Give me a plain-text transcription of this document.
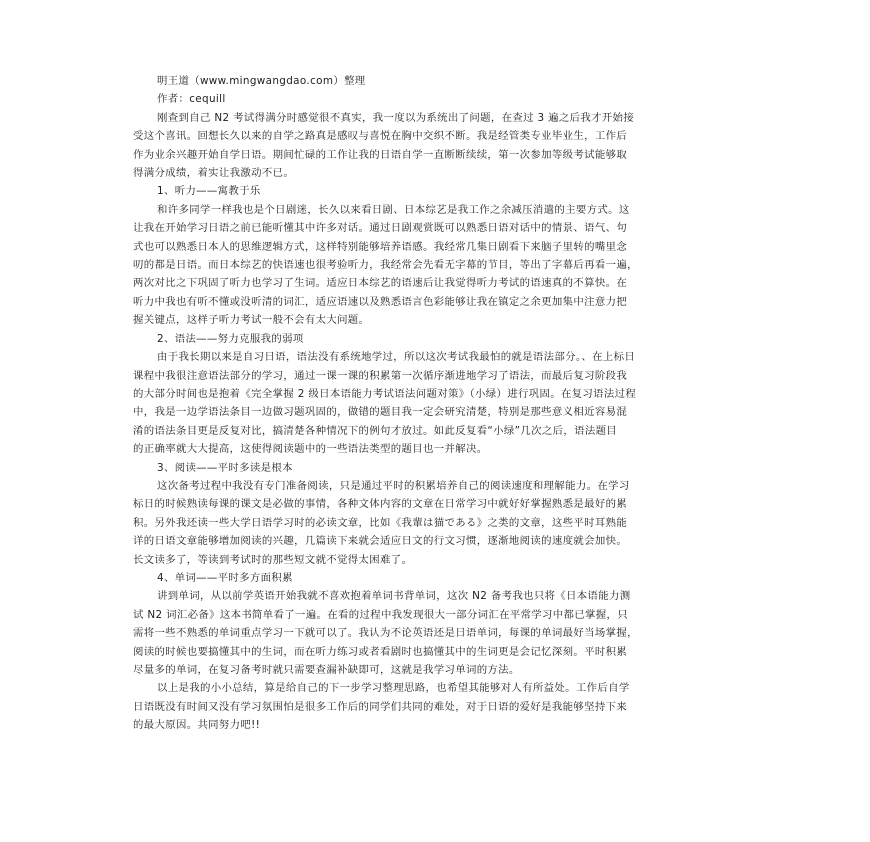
明王道（www.mingwangdao.com）整理
作者：cequill
刚查到自己 N2 考试得满分时感觉很不真实，我一度以为系统出了问题，在查过 3 遍之后我才开始接
受这个喜讯。回想长久以来的自学之路真是感叹与喜悦在胸中交织不断。我是经管类专业毕业生，工作后
作为业余兴趣开始自学日语。期间忙碌的工作让我的日语自学一直断断续续，第一次参加等级考试能够取
得满分成绩，着实让我激动不已。
1、听力——寓教于乐
和许多同学一样我也是个日剧迷，长久以来看日剧、日本综艺是我工作之余减压消遣的主要方式。这
让我在开始学习日语之前已能听懂其中许多对话。通过日剧观赏既可以熟悉日语对话中的情景、语气、句
式也可以熟悉日本人的思维逻辑方式，这样特别能够培养语感。我经常几集日剧看下来脑子里转的嘴里念
叨的都是日语。而日本综艺的快语速也很考验听力，我经常会先看无字幕的节目，等出了字幕后再看一遍，
两次对比之下巩固了听力也学习了生词。适应日本综艺的语速后让我觉得听力考试的语速真的不算快。在
听力中我也有听不懂或没听清的词汇，适应语速以及熟悉语言色彩能够让我在镇定之余更加集中注意力把
握关键点，这样子听力考试一般不会有太大问题。
2、语法——努力克服我的弱项
由于我长期以来是自习日语，语法没有系统地学过，所以这次考试我最怕的就是语法部分。、在上标日
课程中我很注意语法部分的学习，通过一课一课的积累第一次循序渐进地学习了语法，而最后复习阶段我
的大部分时间也是抱着《完全掌握 2 级日本语能力考试语法问题对策》（小绿）进行巩固。在复习语法过程
中，我是一边学语法条目一边做习题巩固的，做错的题目我一定会研究清楚，特别是那些意义相近容易混
淆的语法条目更是反复对比，搞清楚各种情况下的例句才放过。如此反复看“小绿”几次之后，语法题目
的正确率就大大提高，这使得阅读题中的一些语法类型的题目也一并解决。
3、阅读——平时多读是根本
这次备考过程中我没有专门准备阅读，只是通过平时的积累培养自己的阅读速度和理解能力。在学习
标日的时候熟读每课的课文是必做的事情，各种文体内容的文章在日常学习中就好好掌握熟悉是最好的累
积。另外我还读一些大学日语学习时的必读文章，比如《我輩は猫である》之类的文章，这些平时耳熟能
详的日语文章能够增加阅读的兴趣，几篇读下来就会适应日文的行文习惯，逐渐地阅读的速度就会加快。
长文读多了，等读到考试时的那些短文就不觉得太困难了。
4、单词——平时多方面积累
讲到单词，从以前学英语开始我就不喜欢抱着单词书背单词，这次 N2 备考我也只将《日本语能力测
试 N2 词汇必备》这本书简单看了一遍。在看的过程中我发现很大一部分词汇在平常学习中都已掌握，只
需将一些不熟悉的单词重点学习一下就可以了。我认为不论英语还是日语单词，每课的单词最好当场掌握，
阅读的时候也要搞懂其中的生词，而在听力练习或者看剧时也搞懂其中的生词更是会记忆深刻。平时积累
尽量多的单词，在复习备考时就只需要查漏补缺即可，这就是我学习单词的方法。
以上是我的小小总结，算是给自己的下一步学习整理思路，也希望其能够对人有所益处。工作后自学
日语既没有时间又没有学习氛围怕是很多工作后的同学们共同的难处，对于日语的爱好是我能够坚持下来
的最大原因。共同努力吧!!
